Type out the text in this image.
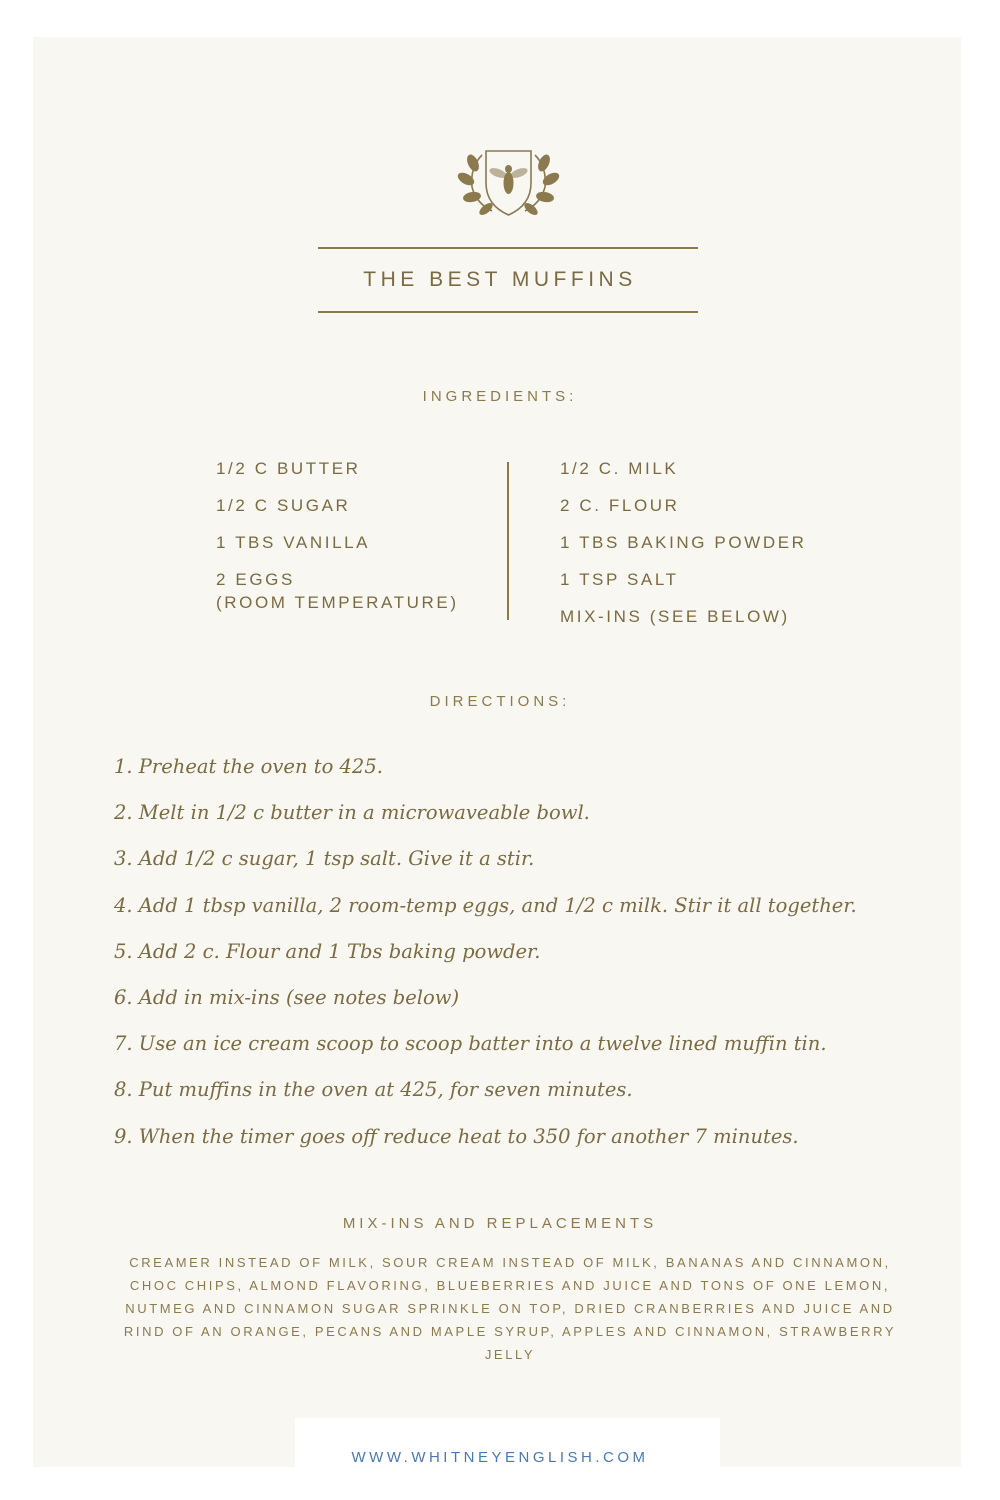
THE BEST MUFFINS
INGREDIENTS:
1/2 C BUTTER
1/2 C SUGAR
1 TBS VANILLA
2 EGGS
(ROOM TEMPERATURE)
1/2 C. MILK
2 C. FLOUR
1 TBS BAKING POWDER
1 TSP SALT
MIX-INS (SEE BELOW)
DIRECTIONS:
1. Preheat the oven to 425.
2. Melt in 1/2 c butter in a microwaveable bowl.
3. Add 1/2 c sugar, 1 tsp salt. Give it a stir.
4. Add 1 tbsp vanilla, 2 room-temp eggs, and 1/2 c milk. Stir it all together.
5. Add 2 c. Flour and 1 Tbs baking powder.
6. Add in mix-ins (see notes below)
7. Use an ice cream scoop to scoop batter into a twelve lined muffin tin.
8. Put muffins in the oven at 425, for seven minutes.
9. When the timer goes off reduce heat to 350 for another 7 minutes.
MIX-INS AND REPLACEMENTS
CREAMER INSTEAD OF MILK, SOUR CREAM INSTEAD OF MILK, BANANAS AND CINNAMON, CHOC CHIPS, ALMOND FLAVORING, BLUEBERRIES AND JUICE AND TONS OF ONE LEMON, NUTMEG AND CINNAMON SUGAR SPRINKLE ON TOP, DRIED CRANBERRIES AND JUICE AND RIND OF AN ORANGE, PECANS AND MAPLE SYRUP, APPLES AND CINNAMON, STRAWBERRY JELLY
WWW.WHITNEYENGLISH.COM
